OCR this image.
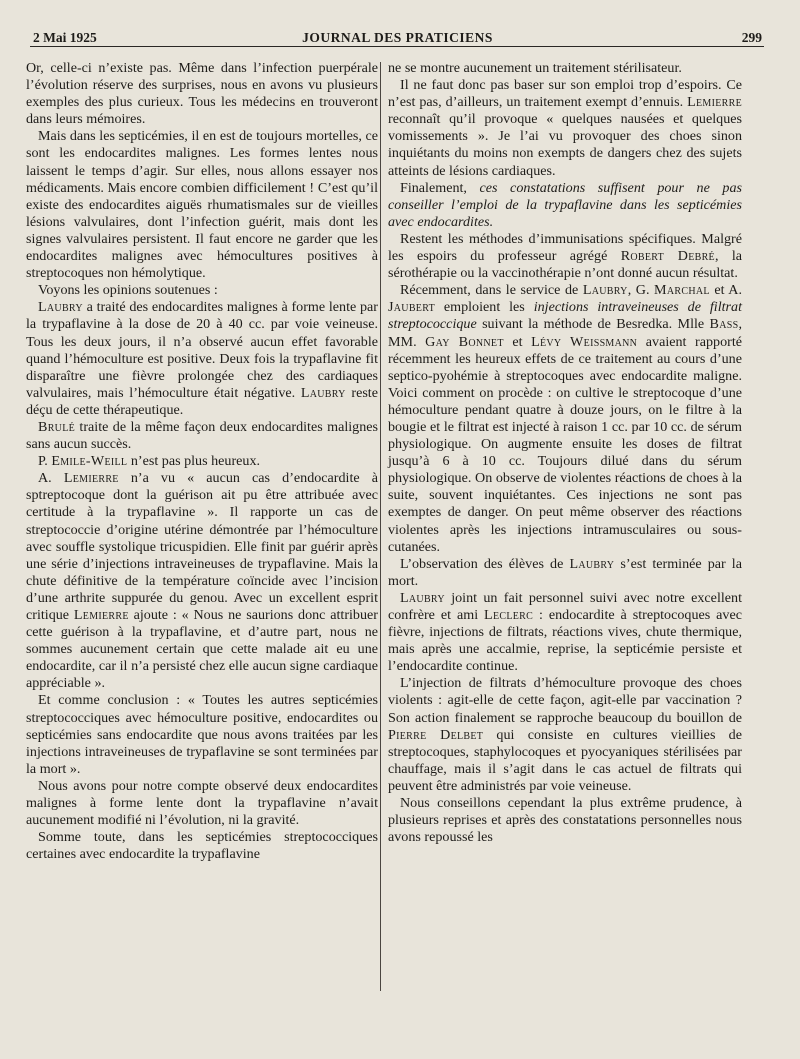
2 Mai 1925	JOURNAL DES PRATICIENS	299

Or, celle-ci n’existe pas. Même dans l’infection puerpérale l’évolution réserve des surprises, nous en avons vu plusieurs exemples des plus curieux. Tous les médecins en trouveront dans leurs mémoires.

Mais dans les septicémies, il en est de toujours mortelles, ce sont les endocardites malignes. Les formes lentes nous laissent le temps d’agir. Sur elles, nous allons essayer nos médicaments. Mais encore combien difficilement ! C’est qu’il existe des endocardites aiguës rhumatismales sur de vieilles lésions valvulaires, dont l’infection guérit, mais dont les signes valvulaires persistent. Il faut encore ne garder que les endocardites malignes avec hémocultures positives à streptocoques non hémolytique.

Voyons les opinions soutenues :

Laubry a traité des endocardites malignes à forme lente par la trypaflavine à la dose de 20 à 40 cc. par voie veineuse. Tous les deux jours, il n’a observé aucun effet favorable quand l’hémoculture est positive. Deux fois la trypaflavine fit disparaître une fièvre prolongée chez des cardiaques valvulaires, mais l’hémoculture était négative. Laubry reste déçu de cette thérapeutique.

Brulé traite de la même façon deux endocardites malignes sans aucun succès.

P. Emile-Weill n’est pas plus heureux.

A. Lemierre n’a vu « aucun cas d’endocardite à sptreptocoque dont la guérison ait pu être attribuée avec certitude à la trypaflavine ». Il rapporte un cas de streptococcie d’origine utérine démontrée par l’hémoculture avec souffle systolique tricuspidien. Elle finit par guérir après une série d’injections intraveineuses de trypaflavine. Mais la chute définitive de la température coïncide avec l’incision d’une arthrite suppurée du genou. Avec un excellent esprit critique Lemierre ajoute : « Nous ne saurions donc attribuer cette guérison à la trypaflavine, et d’autre part, nous ne sommes aucunement certain que cette malade ait eu une endocardite, car il n’a persisté chez elle aucun signe cardiaque appréciable ».

Et comme conclusion : « Toutes les autres septicémies streptococciques avec hémoculture positive, endocardites ou septicémies sans endocardite que nous avons traitées par les injections intraveineuses de trypaflavine se sont terminées par la mort ».

Nous avons pour notre compte observé deux endocardites malignes à forme lente dont la trypaflavine n’avait aucunement modifié ni l’évolution, ni la gravité.

Somme toute, dans les septicémies streptococciques certaines avec endocardite la trypaflavine

ne se montre aucunement un traitement stérilisateur.

Il ne faut donc pas baser sur son emploi trop d’espoirs. Ce n’est pas, d’ailleurs, un traitement exempt d’ennuis. Lemierre reconnaît qu’il provoque « quelques nausées et quelques vomissements ». Je l’ai vu provoquer des choes sinon inquiétants du moins non exempts de dangers chez des sujets atteints de lésions cardiaques.

Finalement, ces constatations suffisent pour ne pas conseiller l’emploi de la trypaflavine dans les septicémies avec endocardites.

Restent les méthodes d’immunisations spécifiques. Malgré les espoirs du professeur agrégé Robert Debré, la sérothérapie ou la vaccinothérapie n’ont donné aucun résultat.

Récemment, dans le service de Laubry, G. Marchal et A. Jaubert emploient les injections intraveineuses de filtrat streptococcique suivant la méthode de Besredka. Mlle Bass, MM. Gay Bonnet et Lévy Weissmann avaient rapporté récemment les heureux effets de ce traitement au cours d’une septico-pyohémie à streptocoques avec endocardite maligne. Voici comment on procède : on cultive le streptocoque d’une hémoculture pendant quatre à douze jours, on le filtre à la bougie et le filtrat est injecté à raison 1 cc. par 10 cc. de sérum physiologique. On augmente ensuite les doses de filtrat jusqu’à 6 à 10 cc. Toujours dilué dans du sérum physiologique. On observe de violentes réactions de choes à la suite, souvent inquiétantes. Ces injections ne sont pas exemptes de danger. On peut même observer des réactions violentes après les injections intramusculaires ou sous-cutanées.

L’observation des élèves de Laubry s’est terminée par la mort.

Laubry joint un fait personnel suivi avec notre excellent confrère et ami Leclerc : endocardite à streptocoques avec fièvre, injections de filtrats, réactions vives, chute thermique, mais après une accalmie, reprise, la septicémie persiste et l’endocardite continue.

L’injection de filtrats d’hémoculture provoque des choes violents : agit-elle de cette façon, agit-elle par vaccination ? Son action finalement se rapproche beaucoup du bouillon de Pierre Delbet qui consiste en cultures vieillies de streptocoques, staphylocoques et pyocyaniques stérilisées par chauffage, mais il s’agit dans le cas actuel de filtrats qui peuvent être administrés par voie veineuse.

Nous conseillons cependant la plus extrême prudence, à plusieurs reprises et après des constatations personnelles nous avons repoussé les
